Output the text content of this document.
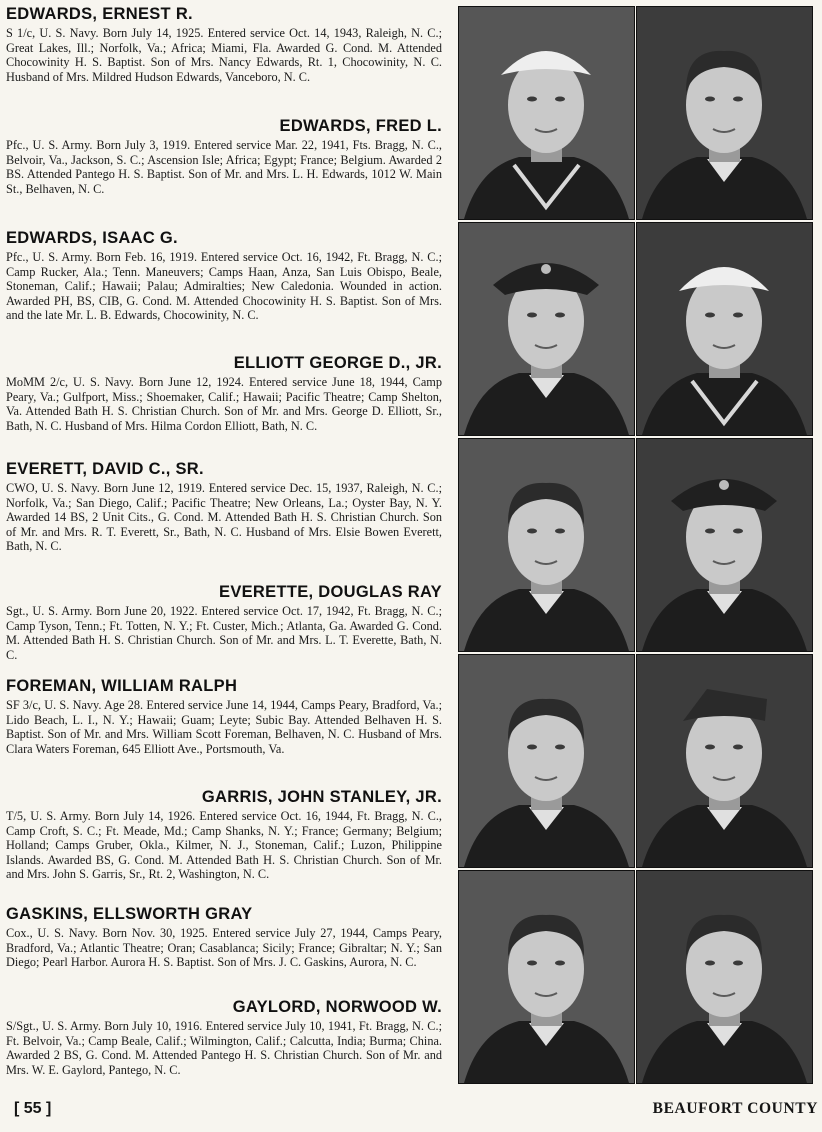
EDWARDS, ERNEST R.

S 1/c, U. S. Navy. Born July 14, 1925. Entered service Oct. 14, 1943, Raleigh, N. C.; Great Lakes, Ill.; Norfolk, Va.; Africa; Miami, Fla. Awarded G. Cond. M. Attended Chocowinity H. S. Baptist. Son of Mrs. Nancy Edwards, Rt. 1, Chocowinity, N. C. Husband of Mrs. Mildred Hudson Edwards, Vanceboro, N. C.

EDWARDS, FRED L.

Pfc., U. S. Army. Born July 3, 1919. Entered service Mar. 22, 1941, Fts. Bragg, N. C., Belvoir, Va., Jackson, S. C.; Ascension Isle; Africa; Egypt; France; Belgium. Awarded 2 BS. Attended Pantego H. S. Baptist. Son of Mr. and Mrs. L. H. Edwards, 1012 W. Main St., Belhaven, N. C.

EDWARDS, ISAAC G.

Pfc., U. S. Army. Born Feb. 16, 1919. Entered service Oct. 16, 1942, Ft. Bragg, N. C.; Camp Rucker, Ala.; Tenn. Maneuvers; Camps Haan, Anza, San Luis Obispo, Beale, Stoneman, Calif.; Hawaii; Palau; Admiralties; New Caledonia. Wounded in action. Awarded PH, BS, CIB, G. Cond. M. Attended Chocowinity H. S. Baptist. Son of Mrs. and the late Mr. L. B. Edwards, Chocowinity, N. C.

ELLIOTT GEORGE D., JR.

MoMM 2/c, U. S. Navy. Born June 12, 1924. Entered service June 18, 1944, Camp Peary, Va.; Gulfport, Miss.; Shoemaker, Calif.; Hawaii; Pacific Theatre; Camp Shelton, Va. Attended Bath H. S. Christian Church. Son of Mr. and Mrs. George D. Elliott, Sr., Bath, N. C. Husband of Mrs. Hilma Cordon Elliott, Bath, N. C.

EVERETT, DAVID C., SR.

CWO, U. S. Navy. Born June 12, 1919. Entered service Dec. 15, 1937, Raleigh, N. C.; Norfolk, Va.; San Diego, Calif.; Pacific Theatre; New Orleans, La.; Oyster Bay, N. Y. Awarded 14 BS, 2 Unit Cits., G. Cond. M. Attended Bath H. S. Christian Church. Son of Mr. and Mrs. R. T. Everett, Sr., Bath, N. C. Husband of Mrs. Elsie Bowen Everett, Bath, N. C.

EVERETTE, DOUGLAS RAY

Sgt., U. S. Army. Born June 20, 1922. Entered service Oct. 17, 1942, Ft. Bragg, N. C.; Camp Tyson, Tenn.; Ft. Totten, N. Y.; Ft. Custer, Mich.; Atlanta, Ga. Awarded G. Cond. M. Attended Bath H. S. Christian Church. Son of Mr. and Mrs. L. T. Everette, Bath, N. C.

FOREMAN, WILLIAM RALPH

SF 3/c, U. S. Navy. Age 28. Entered service June 14, 1944, Camps Peary, Bradford, Va.; Lido Beach, L. I., N. Y.; Hawaii; Guam; Leyte; Subic Bay. Attended Belhaven H. S. Baptist. Son of Mr. and Mrs. William Scott Foreman, Belhaven, N. C. Husband of Mrs. Clara Waters Foreman, 645 Elliott Ave., Portsmouth, Va.

GARRIS, JOHN STANLEY, JR.

T/5, U. S. Army. Born July 14, 1926. Entered service Oct. 16, 1944, Ft. Bragg, N. C., Camp Croft, S. C.; Ft. Meade, Md.; Camp Shanks, N. Y.; France; Germany; Belgium; Holland; Camps Gruber, Okla., Kilmer, N. J., Stoneman, Calif.; Luzon, Philippine Islands. Awarded BS, G. Cond. M. Attended Bath H. S. Christian Church. Son of Mr. and Mrs. John S. Garris, Sr., Rt. 2, Washington, N. C.

GASKINS, ELLSWORTH GRAY

Cox., U. S. Navy. Born Nov. 30, 1925. Entered service July 27, 1944, Camps Peary, Bradford, Va.; Atlantic Theatre; Oran; Casablanca; Sicily; France; Gibraltar; N. Y.; San Diego; Pearl Harbor. Aurora H. S. Baptist. Son of Mrs. J. C. Gaskins, Aurora, N. C.

GAYLORD, NORWOOD W.

S/Sgt., U. S. Army. Born July 10, 1916. Entered service July 10, 1941, Ft. Bragg, N. C.; Ft. Belvoir, Va.; Camp Beale, Calif.; Wilmington, Calif.; Calcutta, India; Burma; China. Awarded 2 BS, G. Cond. M. Attended Pantego H. S. Christian Church. Son of Mr. and Mrs. W. E. Gaylord, Pantego, N. C.

[ 55 ]	BEAUFORT COUNTY
